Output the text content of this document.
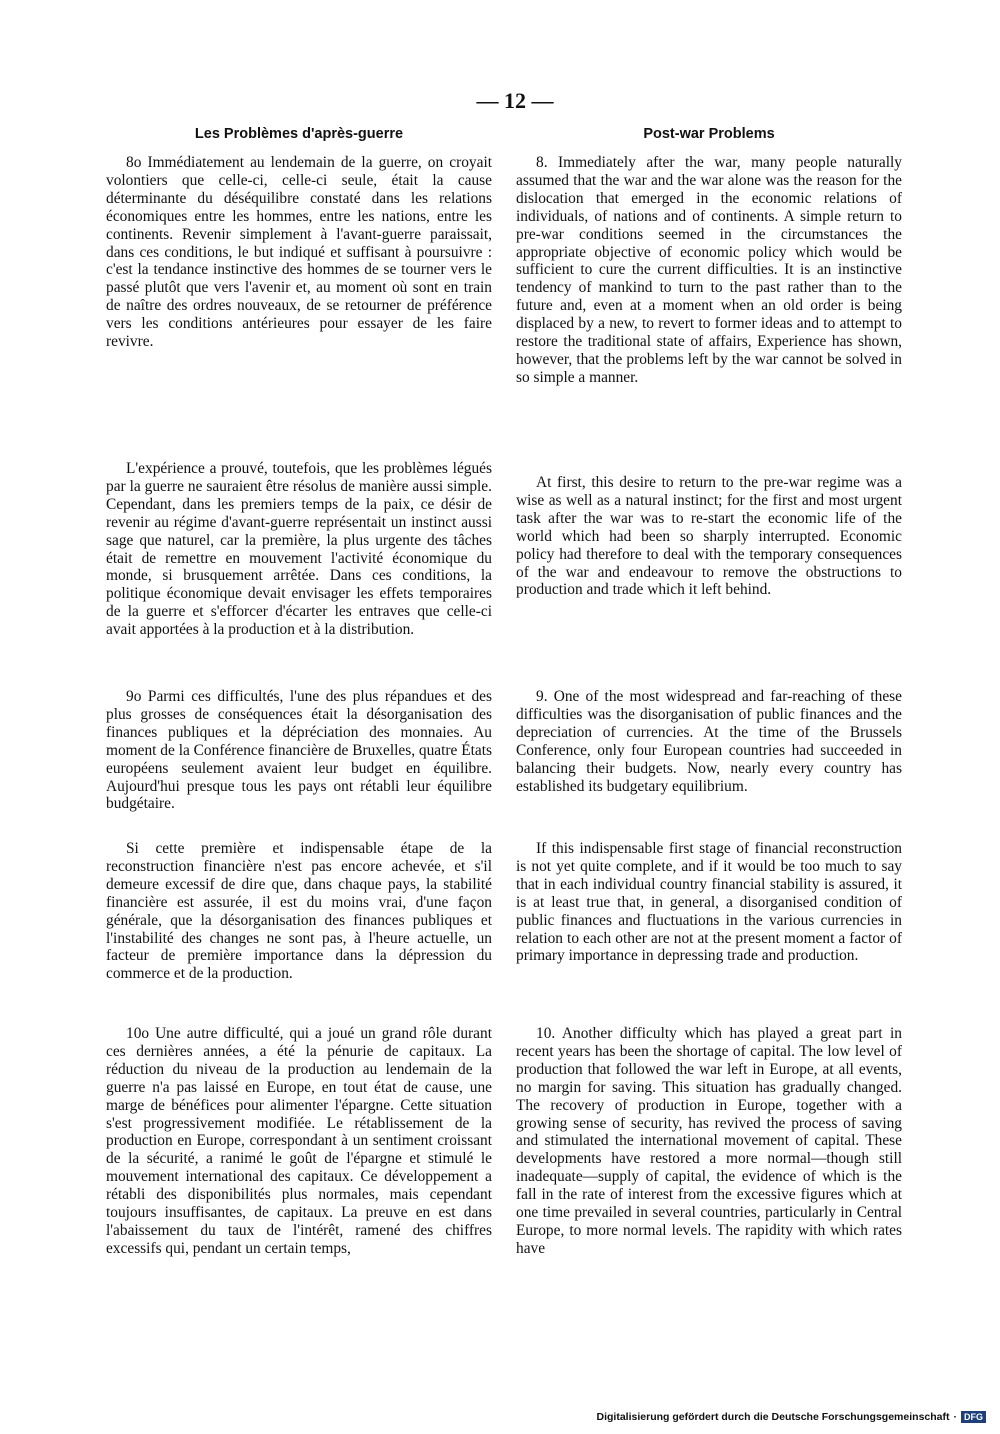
— 12 —
Les Problèmes d'après-guerre	Post-war Problems

8o Immédiatement au lendemain de la guerre, on croyait volontiers que celle-ci, celle-ci seule, était la cause déterminante du déséquilibre constaté dans les relations économiques entre les hommes, entre les nations, entre les continents. Revenir simplement à l'avant-guerre paraissait, dans ces conditions, le but indiqué et suffisant à poursuivre : c'est la tendance instinctive des hommes de se tourner vers le passé plutôt que vers l'avenir et, au moment où sont en train de naître des ordres nouveaux, de se retourner de préférence vers les conditions antérieures pour essayer de les faire revivre.

L'expérience a prouvé, toutefois, que les problèmes légués par la guerre ne sauraient être résolus de manière aussi simple. Cependant, dans les premiers temps de la paix, ce désir de revenir au régime d'avant-guerre représentait un instinct aussi sage que naturel, car la première, la plus urgente des tâches était de remettre en mouvement l'activité économique du monde, si brusquement arrêtée. Dans ces conditions, la politique économique devait envisager les effets temporaires de la guerre et s'efforcer d'écarter les entraves que celle-ci avait apportées à la production et à la distribution.

9o Parmi ces difficultés, l'une des plus répandues et des plus grosses de conséquences était la désorganisation des finances publiques et la dépréciation des monnaies. Au moment de la Conférence financière de Bruxelles, quatre États européens seulement avaient leur budget en équilibre. Aujourd'hui presque tous les pays ont rétabli leur équilibre budgétaire.

Si cette première et indispensable étape de la reconstruction financière n'est pas encore achevée, et s'il demeure excessif de dire que, dans chaque pays, la stabilité financière est assurée, il est du moins vrai, d'une façon générale, que la désorganisation des finances publiques et l'instabilité des changes ne sont pas, à l'heure actuelle, un facteur de première importance dans la dépression du commerce et de la production.

10o Une autre difficulté, qui a joué un grand rôle durant ces dernières années, a été la pénurie de capitaux. La réduction du niveau de la production au lendemain de la guerre n'a pas laissé en Europe, en tout état de cause, une marge de bénéfices pour alimenter l'épargne. Cette situation s'est progressivement modifiée. Le rétablissement de la production en Europe, correspondant à un sentiment croissant de la sécurité, a ranimé le goût de l'épargne et stimulé le mouvement international des capitaux. Ce développement a rétabli des disponibilités plus normales, mais cependant toujours insuffisantes, de capitaux. La preuve en est dans l'abaissement du taux de l'intérêt, ramené des chiffres excessifs qui, pendant un certain temps,

8. Immediately after the war, many people naturally assumed that the war and the war alone was the reason for the dislocation that emerged in the economic relations of individuals, of nations and of continents. A simple return to pre-war conditions seemed in the circumstances the appropriate objective of economic policy which would be sufficient to cure the current difficulties. It is an instinctive tendency of mankind to turn to the past rather than to the future and, even at a moment when an old order is being displaced by a new, to revert to former ideas and to attempt to restore the traditional state of affairs, Experience has shown, however, that the problems left by the war cannot be solved in so simple a manner.

At first, this desire to return to the pre-war regime was a wise as well as a natural instinct; for the first and most urgent task after the war was to re-start the economic life of the world which had been so sharply interrupted. Economic policy had therefore to deal with the temporary consequences of the war and endeavour to remove the obstructions to production and trade which it left behind.

9. One of the most widespread and far-reaching of these difficulties was the disorganisation of public finances and the depreciation of currencies. At the time of the Brussels Conference, only four European countries had succeeded in balancing their budgets. Now, nearly every country has established its budgetary equilibrium.

If this indispensable first stage of financial reconstruction is not yet quite complete, and if it would be too much to say that in each individual country financial stability is assured, it is at least true that, in general, a disorganised condition of public finances and fluctuations in the various currencies in relation to each other are not at the present moment a factor of primary importance in depressing trade and production.

10. Another difficulty which has played a great part in recent years has been the shortage of capital. The low level of production that followed the war left in Europe, at all events, no margin for saving. This situation has gradually changed. The recovery of production in Europe, together with a growing sense of security, has revived the process of saving and stimulated the international movement of capital. These developments have restored a more normal—though still inadequate—supply of capital, the evidence of which is the fall in the rate of interest from the excessive figures which at one time prevailed in several countries, particularly in Central Europe, to more normal levels. The rapidity with which rates have

Digitalisierung gefördert durch die Deutsche Forschungsgemeinschaft · DFG
